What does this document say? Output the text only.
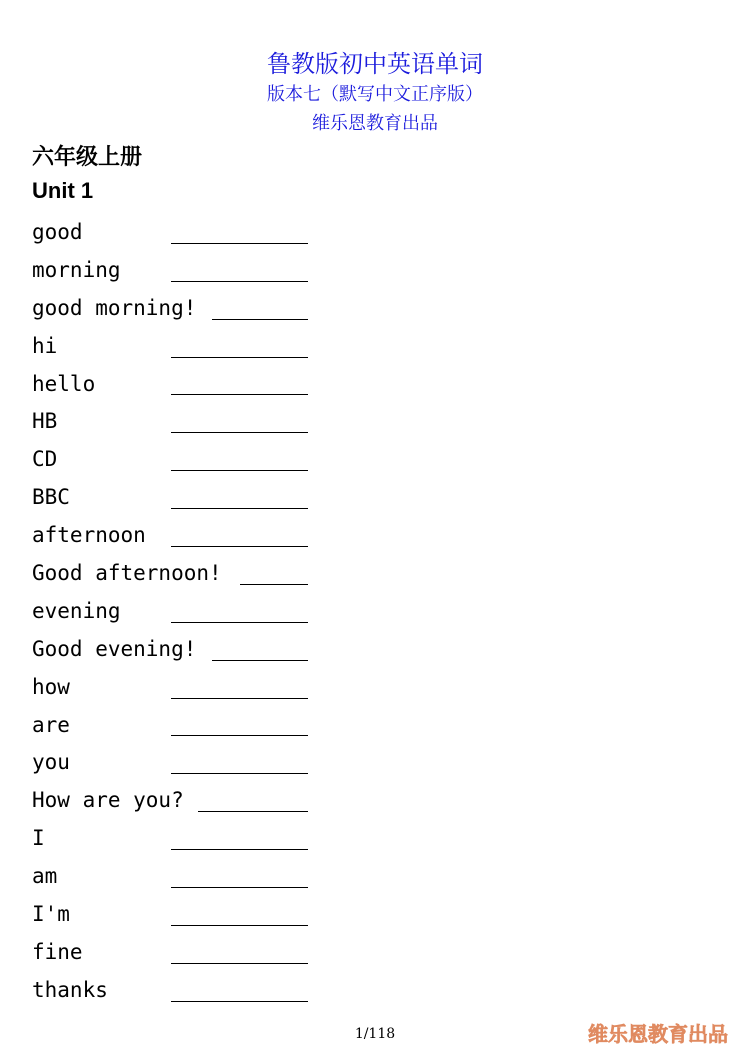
鲁教版初中英语单词
版本七（默写中文正序版）
维乐恩教育出品
六年级上册
Unit 1
good
morning
good morning!
hi
hello
HB
CD
BBC
afternoon
Good afternoon!
evening
Good evening!
how
are
you
How are you?
I
am
I'm
fine
thanks
1/118	维乐恩教育出品
